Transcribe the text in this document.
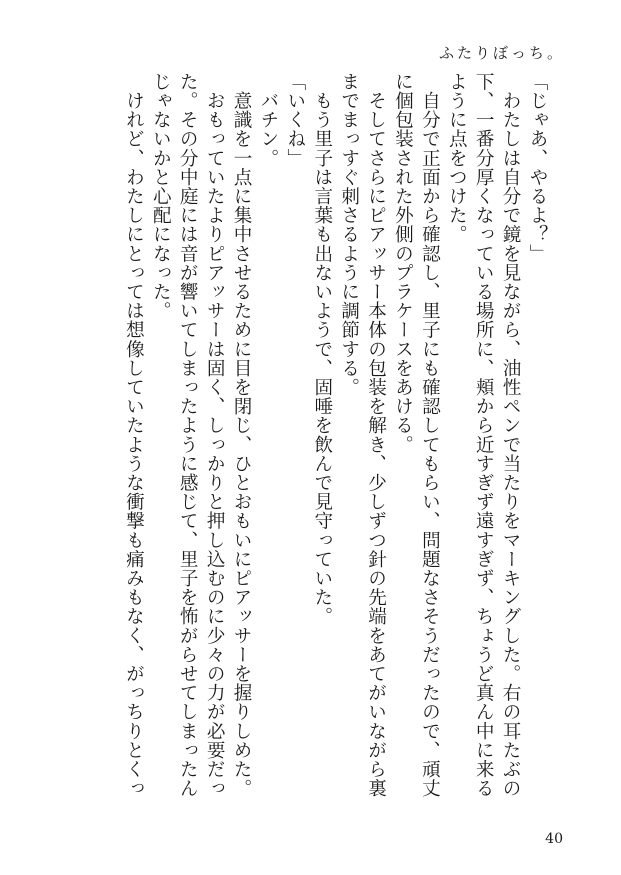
ふたりぼっち。

「じゃあ、やるよ？」

　わたしは自分で鏡を見ながら、油性ペンで当たりをマーキングした。右の耳たぶの

下、一番分厚くなっている場所に、頬から近すぎず遠すぎず、ちょうど真ん中に来る

ように点をつけた。

　自分で正面から確認し、里子にも確認してもらい、問題なさそうだったので、頑丈

に個包装された外側のプラケースをあける。

　そしてさらにピアッサー本体の包装を解き、少しずつ針の先端をあてがいながら裏

までまっすぐ刺さるように調節する。

　もう里子は言葉も出ないようで、固唾を飲んで見守っていた。

「いくね」

　バチン。

　意識を一点に集中させるために目を閉じ、ひとおもいにピアッサーを握りしめた。

　おもっていたよりピアッサーは固く、しっかりと押し込むのに少々の力が必要だっ

た。その分中庭には音が響いてしまったように感じて、里子を怖がらせてしまったん

じゃないかと心配になった。

　けれど、わたしにとっては想像していたような衝撃も痛みもなく、がっちりとくっ

40
